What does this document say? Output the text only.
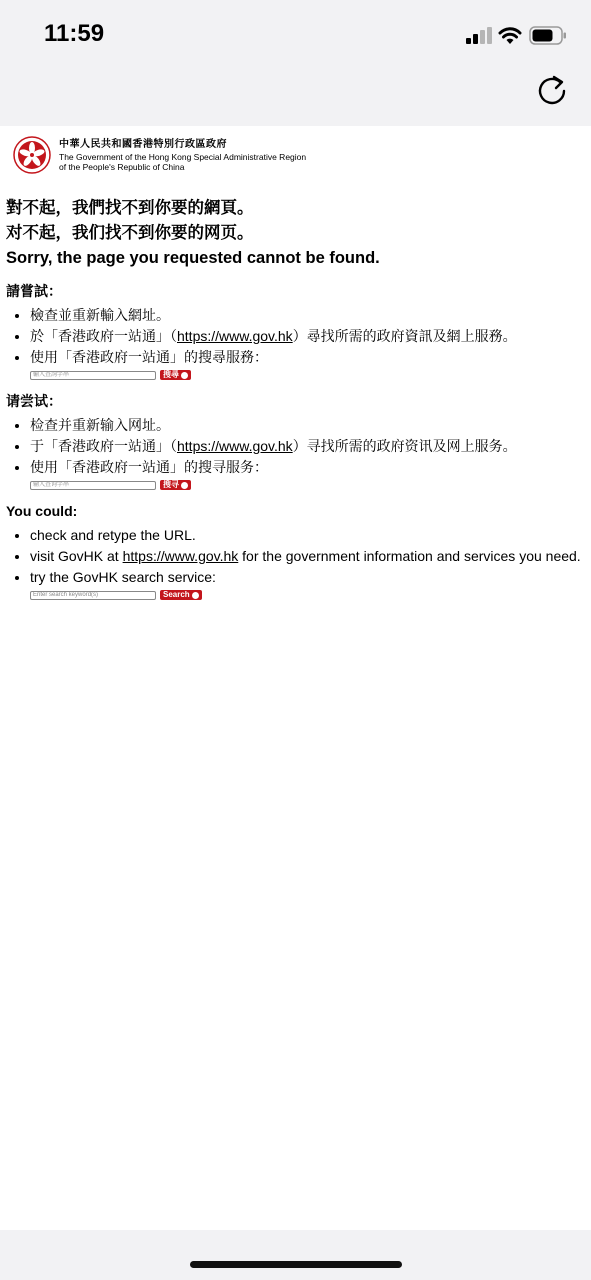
11:59
中華人民共和國香港特別行政區政府
The Government of the Hong Kong Special Administrative Region
of the People's Republic of China

對不起，我們找不到你要的網頁。

对不起，我们找不到你要的网页。

Sorry, the page you requested cannot be found.

請嘗試：
• 檢查並重新輸入網址。
• 於「香港政府一站通」（https://www.gov.hk）尋找所需的政府資訊及網上服務。
• 使用「香港政府一站通」的搜尋服務：
輸入查詢字串	搜尋
请尝试：
• 检查并重新输入网址。
• 于「香港政府一站通」（https://www.gov.hk）寻找所需的政府资讯及网上服务。
• 使用「香港政府一站通」的搜寻服务：
输入查询字串	搜寻
You could:
• check and retype the URL.
• visit GovHK at https://www.gov.hk for the government information and services you need.
• try the GovHK search service:
Enter search keyword(s)	Search
